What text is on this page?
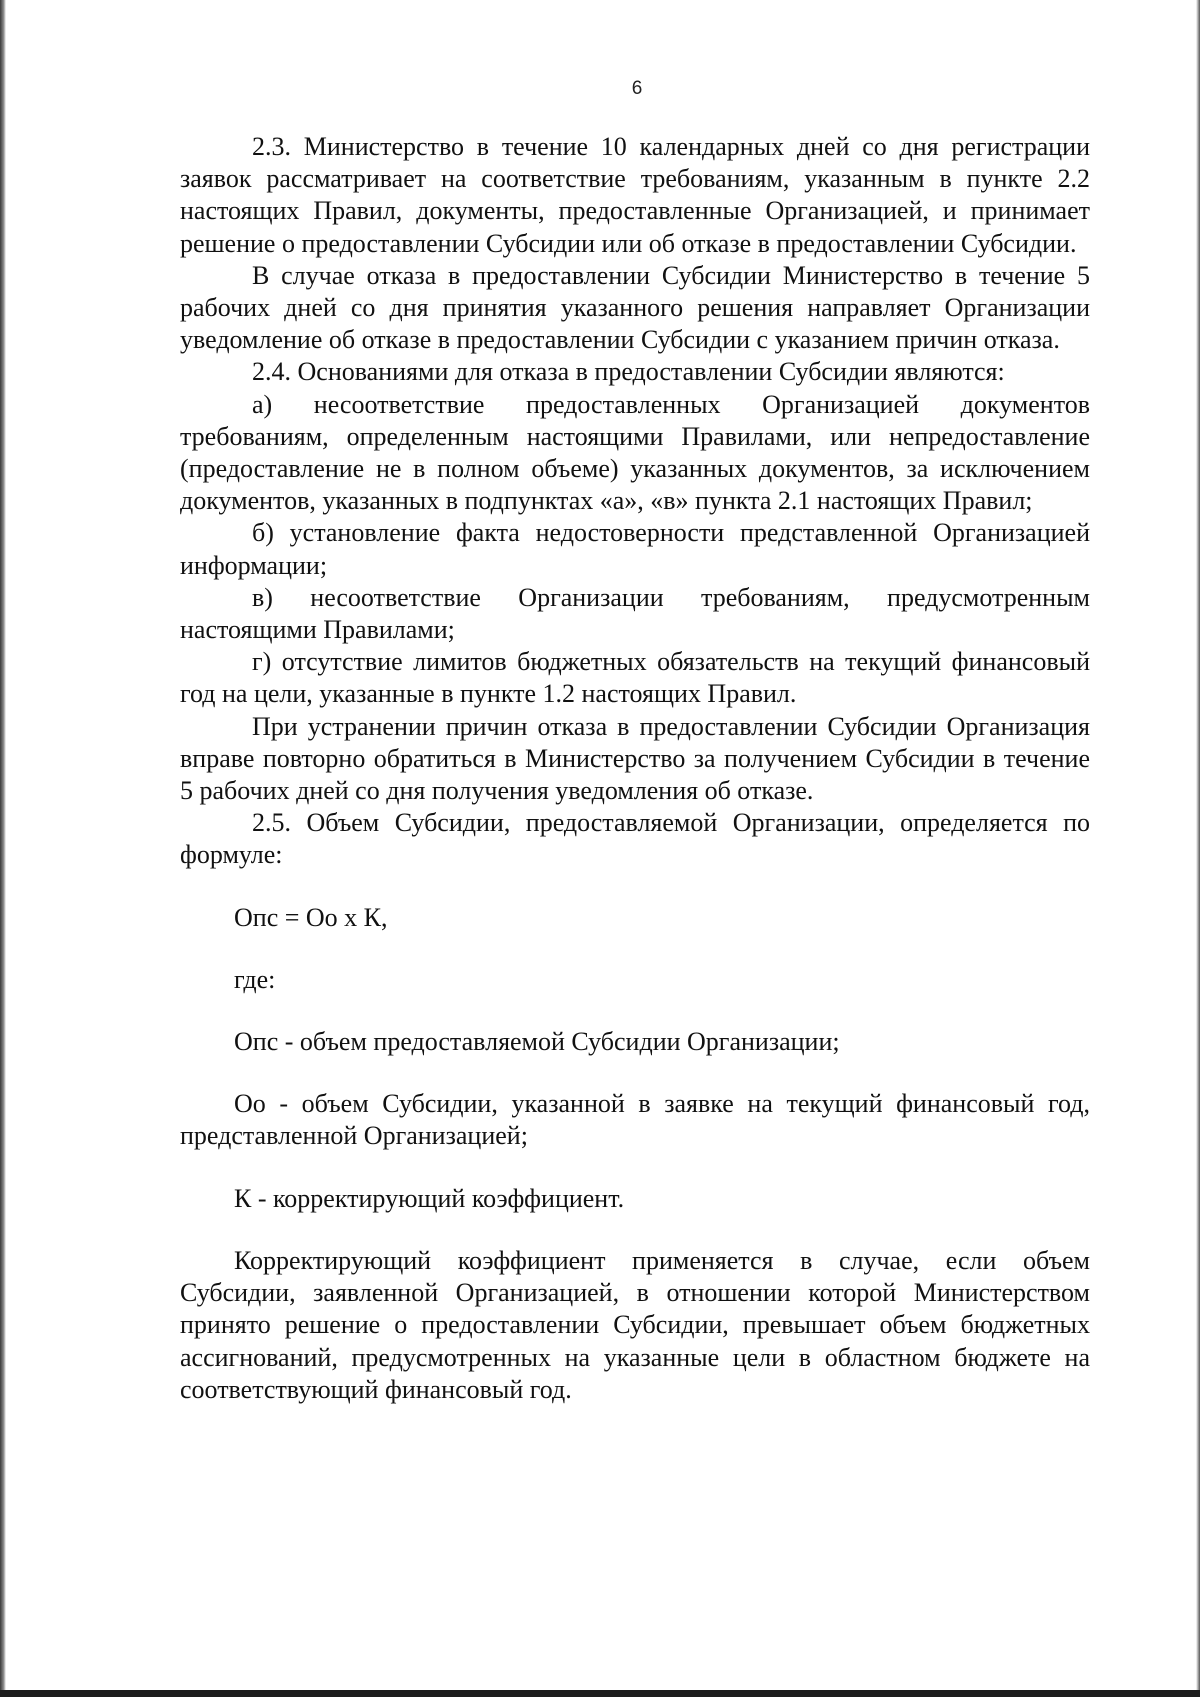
6

2.3. Министерство в течение 10 календарных дней со дня регистрации заявок рассматривает на соответствие требованиям, указанным в пункте 2.2 настоящих Правил, документы, предоставленные Организацией, и принимает решение о предоставлении Субсидии или об отказе в предоставлении Субсидии.

В случае отказа в предоставлении Субсидии Министерство в течение 5 рабочих дней со дня принятия указанного решения направляет Организации уведомление об отказе в предоставлении Субсидии с указанием причин отказа.

2.4. Основаниями для отказа в предоставлении Субсидии являются:

а) несоответствие предоставленных Организацией документов требованиям, определенным настоящими Правилами, или непредоставление (предоставление не в полном объеме) указанных документов, за исключением документов, указанных в подпунктах «а», «в» пункта 2.1 настоящих Правил;

б) установление факта недостоверности представленной Организацией информации;

в) несоответствие Организации требованиям, предусмотренным настоящими Правилами;

г) отсутствие лимитов бюджетных обязательств на текущий финансовый год на цели, указанные в пункте 1.2 настоящих Правил.

При устранении причин отказа в предоставлении Субсидии Организация вправе повторно обратиться в Министерство за получением Субсидии в течение 5 рабочих дней со дня получения уведомления об отказе.

2.5. Объем Субсидии, предоставляемой Организации, определяется по формуле:

Опс = Оо х К,

где:

Опс - объем предоставляемой Субсидии Организации;

Оо - объем Субсидии, указанной в заявке на текущий финансовый год, представленной Организацией;

К - корректирующий коэффициент.

Корректирующий коэффициент применяется в случае, если объем Субсидии, заявленной Организацией, в отношении которой Министерством принято решение о предоставлении Субсидии, превышает объем бюджетных ассигнований, предусмотренных на указанные цели в областном бюджете на соответствующий финансовый год.
